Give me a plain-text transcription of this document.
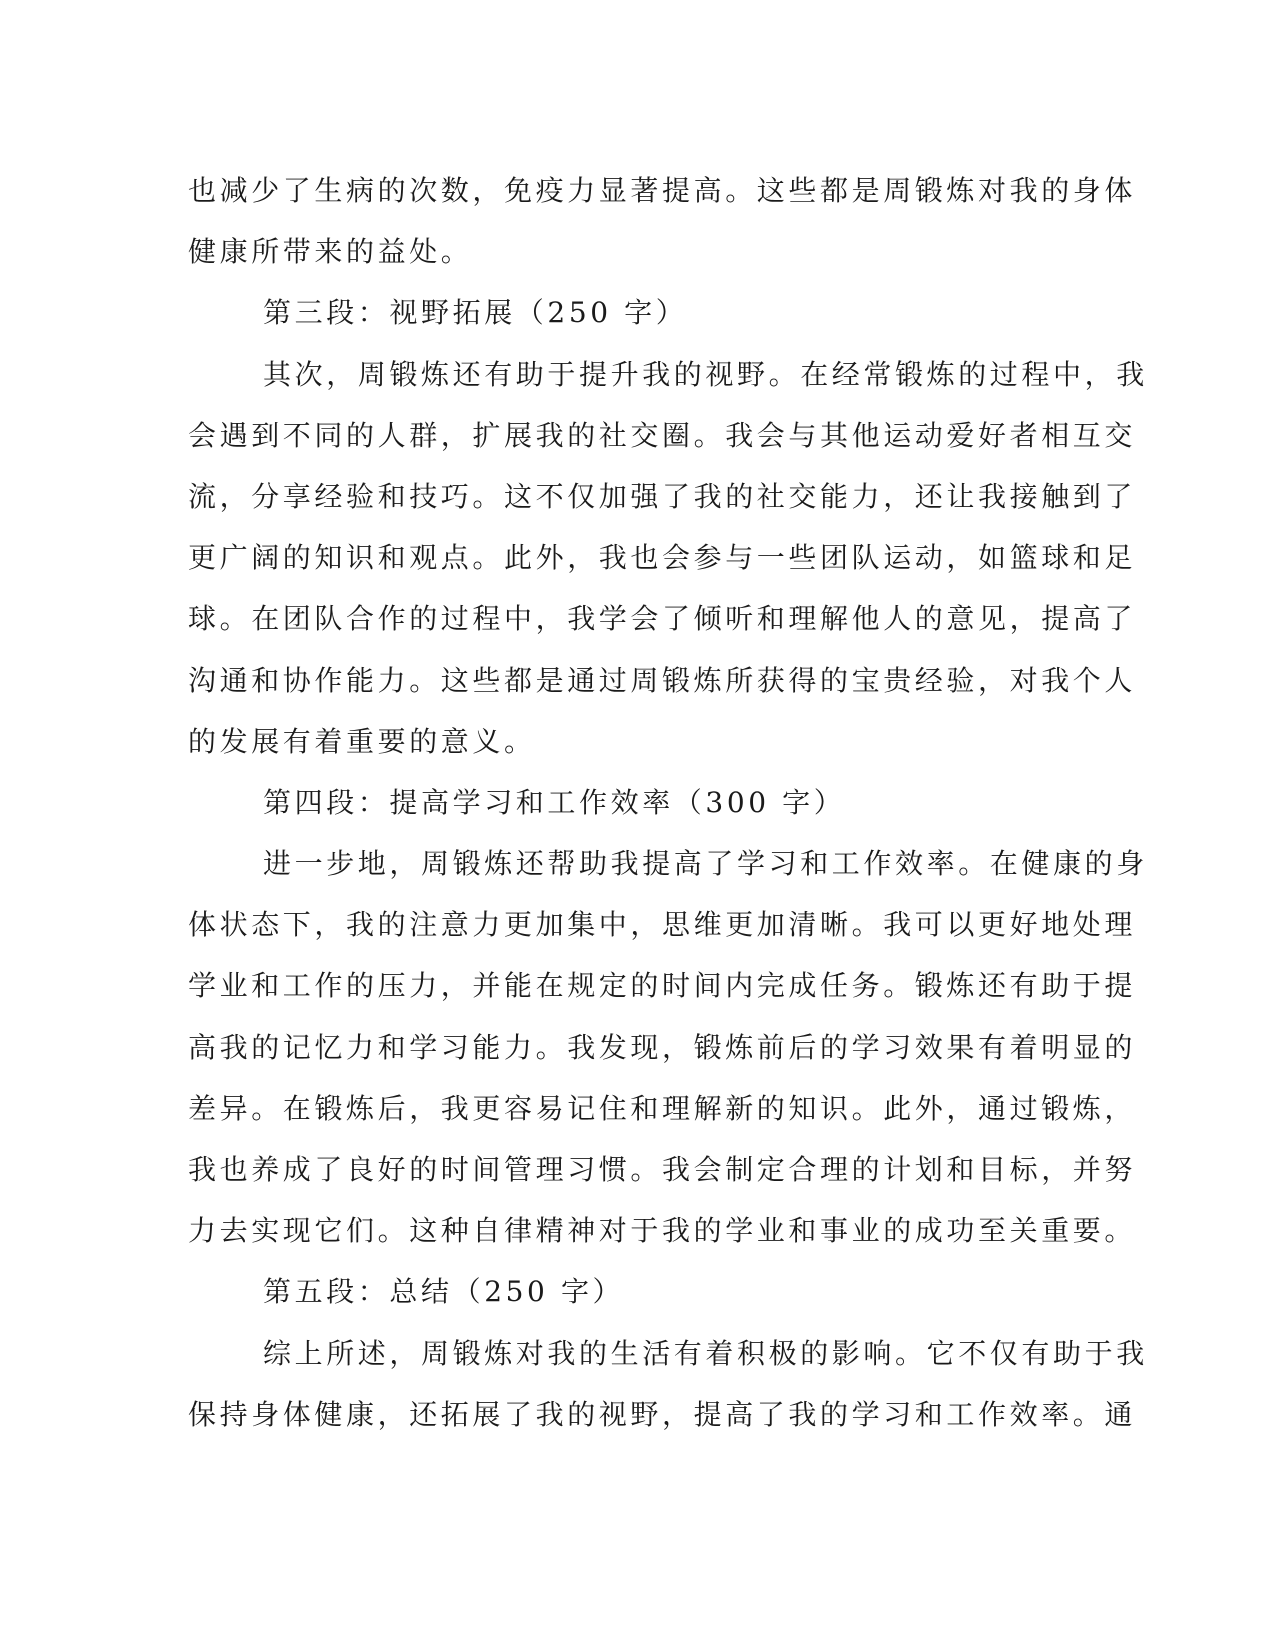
也减少了生病的次数，免疫力显著提高。这些都是周锻炼对我的身体
健康所带来的益处。
第三段：视野拓展（250 字）
其次，周锻炼还有助于提升我的视野。在经常锻炼的过程中，我
会遇到不同的人群，扩展我的社交圈。我会与其他运动爱好者相互交
流，分享经验和技巧。这不仅加强了我的社交能力，还让我接触到了
更广阔的知识和观点。此外，我也会参与一些团队运动，如篮球和足
球。在团队合作的过程中，我学会了倾听和理解他人的意见，提高了
沟通和协作能力。这些都是通过周锻炼所获得的宝贵经验，对我个人
的发展有着重要的意义。
第四段：提高学习和工作效率（300 字）
进一步地，周锻炼还帮助我提高了学习和工作效率。在健康的身
体状态下，我的注意力更加集中，思维更加清晰。我可以更好地处理
学业和工作的压力，并能在规定的时间内完成任务。锻炼还有助于提
高我的记忆力和学习能力。我发现，锻炼前后的学习效果有着明显的
差异。在锻炼后，我更容易记住和理解新的知识。此外，通过锻炼，
我也养成了良好的时间管理习惯。我会制定合理的计划和目标，并努
力去实现它们。这种自律精神对于我的学业和事业的成功至关重要。
第五段：总结（250 字）
综上所述，周锻炼对我的生活有着积极的影响。它不仅有助于我
保持身体健康，还拓展了我的视野，提高了我的学习和工作效率。通
